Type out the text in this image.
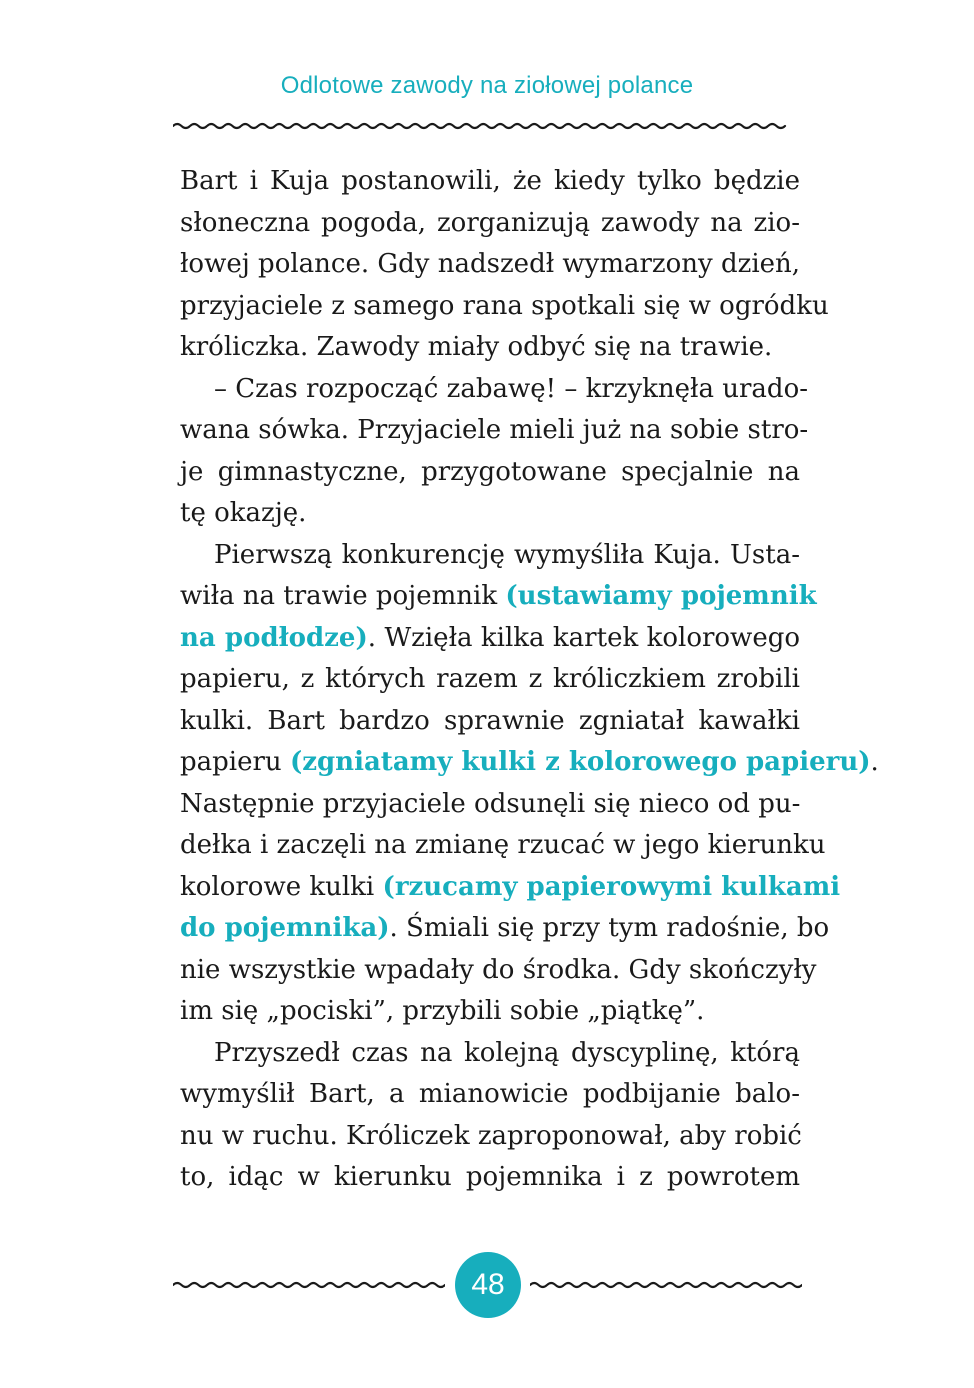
Odlotowe zawody na ziołowej polance
Bart i Kuja postanowili, że kiedy tylko będzie
słoneczna pogoda, zorganizują zawody na zio-
łowej polance. Gdy nadszedł wymarzony dzień,
przyjaciele z samego rana spotkali się w ogródku
króliczka. Zawody miały odbyć się na trawie.
– Czas rozpocząć zabawę! – krzyknęła urado-
wana sówka. Przyjaciele mieli już na sobie stro-
je gimnastyczne, przygotowane specjalnie na
tę okazję.
Pierwszą konkurencję wymyśliła Kuja. Usta-
wiła na trawie pojemnik (ustawiamy pojemnik
na podłodze). Wzięła kilka kartek kolorowego
papieru, z których razem z króliczkiem zrobili
kulki. Bart bardzo sprawnie zgniatał kawałki
papieru (zgniatamy kulki z kolorowego papieru).
Następnie przyjaciele odsunęli się nieco od pu-
dełka i zaczęli na zmianę rzucać w jego kierunku
kolorowe kulki (rzucamy papierowymi kulkami
do pojemnika). Śmiali się przy tym radośnie, bo
nie wszystkie wpadały do środka. Gdy skończyły
im się „pociski”, przybili sobie „piątkę”.
Przyszedł czas na kolejną dyscyplinę, którą
wymyślił Bart, a mianowicie podbijanie balo-
nu w ruchu. Króliczek zaproponował, aby robić
to, idąc w kierunku pojemnika i z powrotem
48
